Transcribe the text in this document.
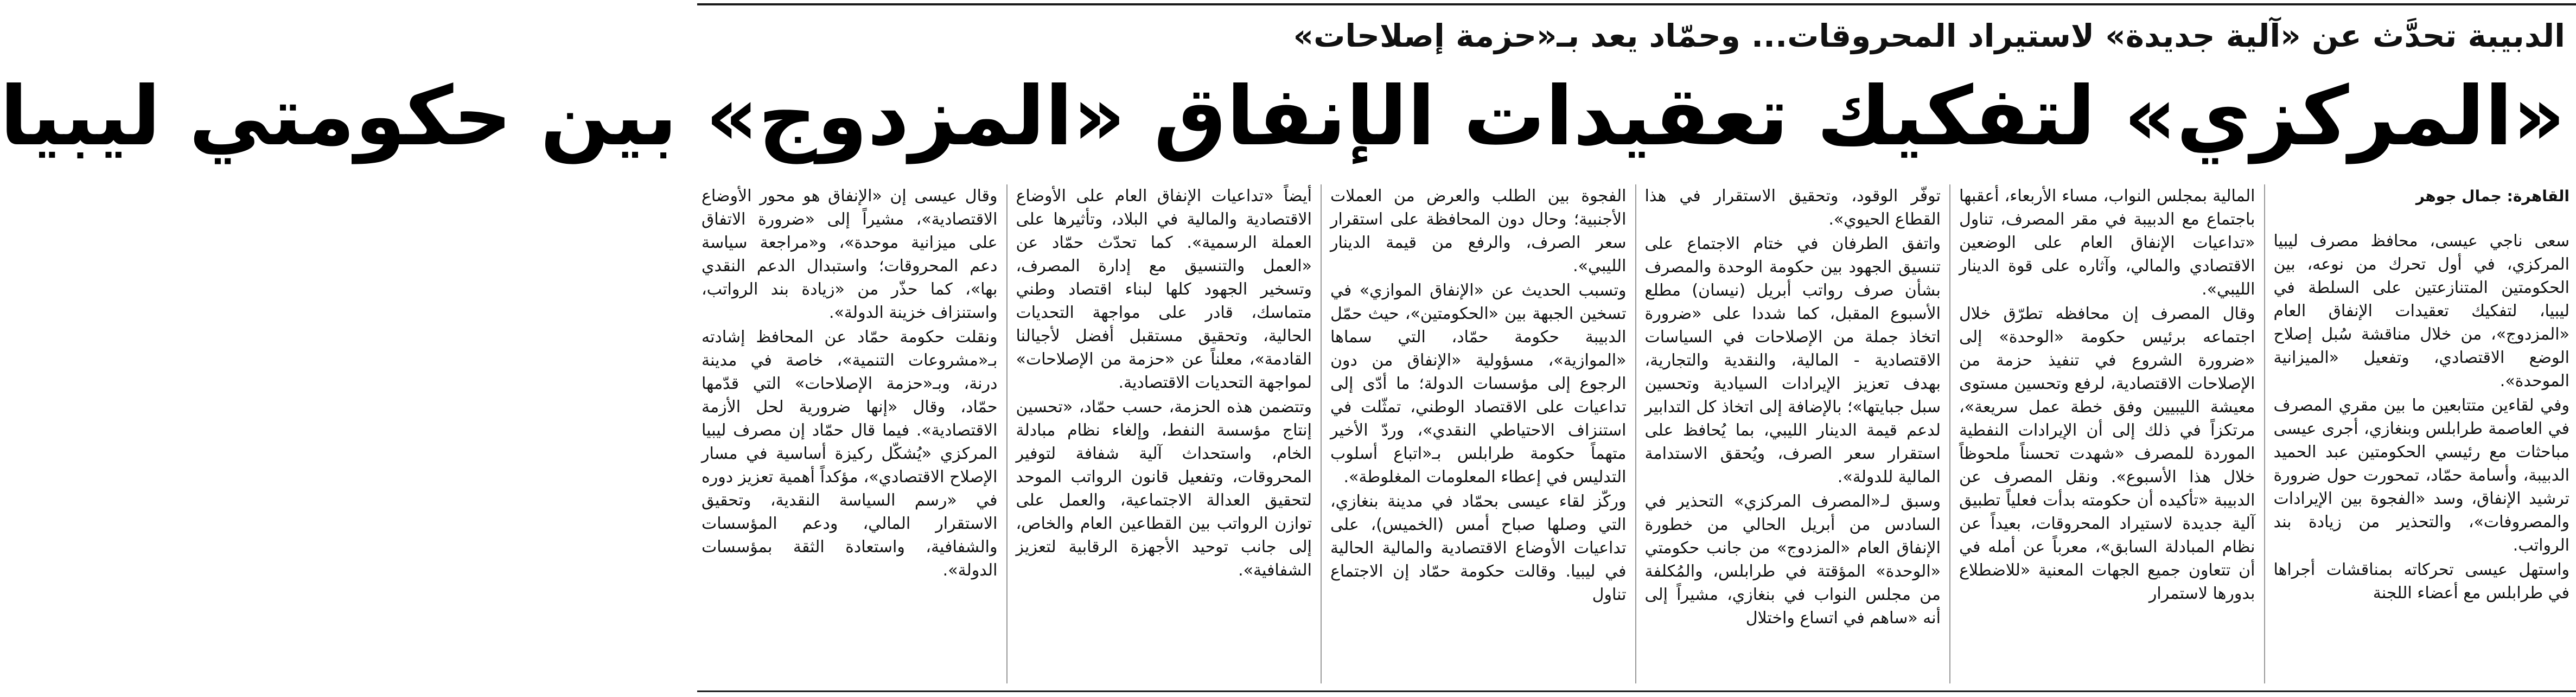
الدبيبة تحدَّث عن «آلية جديدة» لاستيراد المحروقات... وحمّاد يعد بـ«حزمة إصلاحات»
«المركزي» لتفكيك تعقيدات الإنفاق «المزدوج» بين حكومتي ليبيا

القاهرة: جمال جوهر

سعى ناجي عيسى، محافظ مصرف ليبيا المركزي، في أول تحرك من نوعه، بين الحكومتين المتنازعتين على السلطة في ليبيا، لتفكيك تعقيدات الإنفاق العام «المزدوج»، من خلال مناقشة سُبل إصلاح الوضع الاقتصادي، وتفعيل «الميزانية الموحدة».

وفي لقاءين متتابعين ما بين مقري المصرف في العاصمة طرابلس وبنغازي، أجرى عيسى مباحثات مع رئيسي الحكومتين عبد الحميد الدبيبة، وأسامة حمّاد، تمحورت حول ضرورة ترشيد الإنفاق، وسد «الفجوة بين الإيرادات والمصروفات»، والتحذير من زيادة بند الرواتب.

واستهل عيسى تحركاته بمناقشات أجراها في طرابلس مع أعضاء اللجنة

المالية بمجلس النواب، مساء الأربعاء، أعقبها باجتماع مع الدبيبة في مقر المصرف، تناول «تداعيات الإنفاق العام على الوضعين الاقتصادي والمالي، وآثاره على قوة الدينار الليبي».

وقال المصرف إن محافظه تطرّق خلال اجتماعه برئيس حكومة «الوحدة» إلى «ضرورة الشروع في تنفيذ حزمة من الإصلاحات الاقتصادية، لرفع وتحسين مستوى معيشة الليبيين وفق خطة عمل سريعة»، مرتكزاً في ذلك إلى أن الإيرادات النفطية الموردة للمصرف «شهدت تحسناً ملحوظاً خلال هذا الأسبوع». ونقل المصرف عن الدبيبة «تأكيده أن حكومته بدأت فعلياً تطبيق آلية جديدة لاستيراد المحروقات، بعيداً عن نظام المبادلة السابق»، معرباً عن أمله في أن تتعاون جميع الجهات المعنية «للاضطلاع بدورها لاستمرار

توفّر الوقود، وتحقيق الاستقرار في هذا القطاع الحيوي».

واتفق الطرفان في ختام الاجتماع على تنسيق الجهود بين حكومة الوحدة والمصرف بشأن صرف رواتب أبريل (نيسان) مطلع الأسبوع المقبل، كما شددا على «ضرورة اتخاذ جملة من الإصلاحات في السياسات الاقتصادية - المالية، والنقدية والتجارية، بهدف تعزيز الإيرادات السيادية وتحسين سبل جبايتها»؛ بالإضافة إلى اتخاذ كل التدابير لدعم قيمة الدينار الليبي، بما يُحافظ على استقرار سعر الصرف، ويُحقق الاستدامة المالية للدولة».

وسبق لـ«المصرف المركزي» التحذير في السادس من أبريل الحالي من خطورة الإنفاق العام «المزدوج» من جانب حكومتي «الوحدة» المؤقتة في طرابلس، والمُكلفة من مجلس النواب في بنغازي، مشيراً إلى أنه «ساهم في اتساع واختلال

الفجوة بين الطلب والعرض من العملات الأجنبية؛ وحال دون المحافظة على استقرار سعر الصرف، والرفع من قيمة الدينار الليبي».

وتسبب الحديث عن «الإنفاق الموازي» في تسخين الجبهة بين «الحكومتين»، حيث حمّل الدبيبة حكومة حمّاد، التي سماها «الموازية»، مسؤولية «الإنفاق من دون الرجوع إلى مؤسسات الدولة؛ ما أدّى إلى تداعيات على الاقتصاد الوطني، تمثّلت في استنزاف الاحتياطي النقدي»، وردّ الأخير متهماً حكومة طرابلس بـ«اتباع أسلوب التدليس في إعطاء المعلومات المغلوطة».

وركّز لقاء عيسى بحمّاد في مدينة بنغازي، التي وصلها صباح أمس (الخميس)، على تداعيات الأوضاع الاقتصادية والمالية الحالية في ليبيا. وقالت حكومة حمّاد إن الاجتماع تناول

أيضاً «تداعيات الإنفاق العام على الأوضاع الاقتصادية والمالية في البلاد، وتأثيرها على العملة الرسمية». كما تحدّث حمّاد عن «العمل والتنسيق مع إدارة المصرف، وتسخير الجهود كلها لبناء اقتصاد وطني متماسك، قادر على مواجهة التحديات الحالية، وتحقيق مستقبل أفضل لأجيالنا القادمة»، معلناً عن «حزمة من الإصلاحات» لمواجهة التحديات الاقتصادية.

وتتضمن هذه الحزمة، حسب حمّاد، «تحسين إنتاج مؤسسة النفط، وإلغاء نظام مبادلة الخام، واستحداث آلية شفافة لتوفير المحروقات، وتفعيل قانون الرواتب الموحد لتحقيق العدالة الاجتماعية، والعمل على توازن الرواتب بين القطاعين العام والخاص، إلى جانب توحيد الأجهزة الرقابية لتعزيز الشفافية».

وقال عيسى إن «الإنفاق هو محور الأوضاع الاقتصادية»، مشيراً إلى «ضرورة الاتفاق على ميزانية موحدة»، و«مراجعة سياسة دعم المحروقات؛ واستبدال الدعم النقدي بها»، كما حذّر من «زيادة بند الرواتب، واستنزاف خزينة الدولة».

ونقلت حكومة حمّاد عن المحافظ إشادته بـ«مشروعات التنمية»، خاصة في مدينة درنة، وبـ«حزمة الإصلاحات» التي قدّمها حمّاد، وقال «إنها ضرورية لحل الأزمة الاقتصادية». فيما قال حمّاد إن مصرف ليبيا المركزي «يُشكّل ركيزة أساسية في مسار الإصلاح الاقتصادي»، مؤكداً أهمية تعزيز دوره في «رسم السياسة النقدية، وتحقيق الاستقرار المالي، ودعم المؤسسات والشفافية، واستعادة الثقة بمؤسسات الدولة».
